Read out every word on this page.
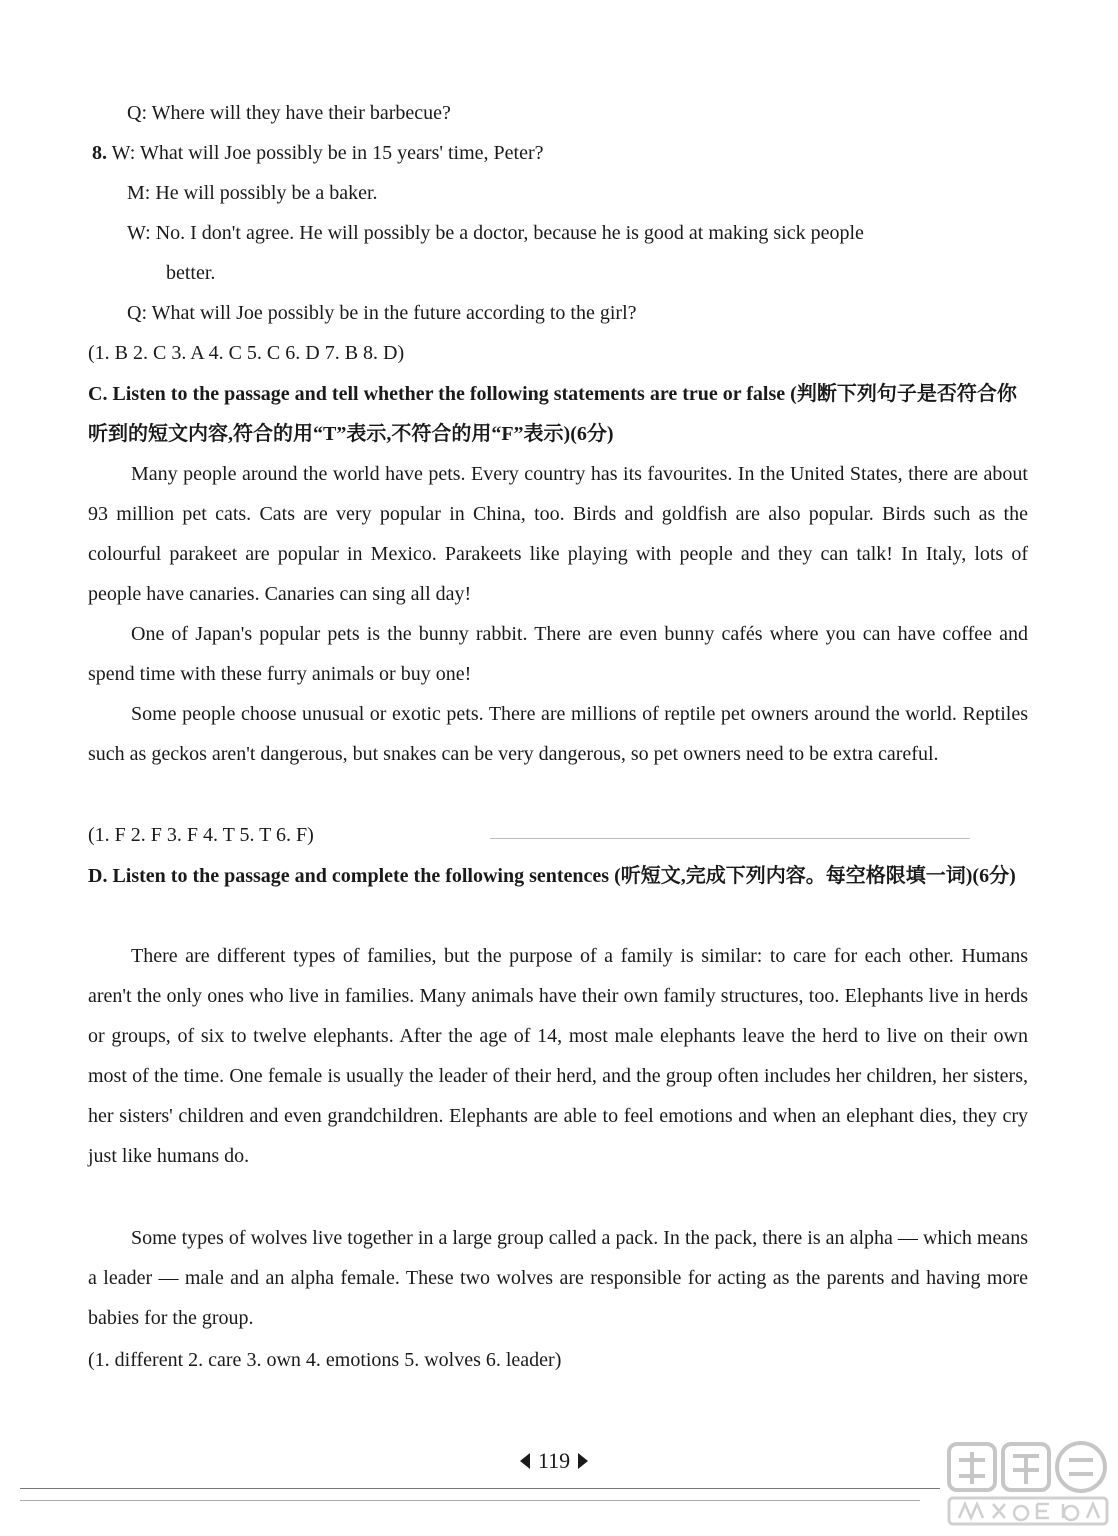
Q: Where will they have their barbecue?
8. W: What will Joe possibly be in 15 years' time, Peter?
M: He will possibly be a baker.
W: No. I don't agree. He will possibly be a doctor, because he is good at making sick people
better.
Q: What will Joe possibly be in the future according to the girl?
(1. B 2. C 3. A 4. C 5. C 6. D 7. B 8. D)
C. Listen to the passage and tell whether the following statements are true or false (判断下列句子是否符合你听到的短文内容,符合的用“T”表示,不符合的用“F”表示)(6分)
Many people around the world have pets. Every country has its favourites. In the United States, there are about 93 million pet cats. Cats are very popular in China, too. Birds and goldfish are also popular. Birds such as the colourful parakeet are popular in Mexico. Parakeets like playing with people and they can talk! In Italy, lots of people have canaries. Canaries can sing all day!
One of Japan's popular pets is the bunny rabbit. There are even bunny cafés where you can have coffee and spend time with these furry animals or buy one!
Some people choose unusual or exotic pets. There are millions of reptile pet owners around the world. Reptiles such as geckos aren't dangerous, but snakes can be very dangerous, so pet owners need to be extra careful.
(1. F 2. F 3. F 4. T 5. T 6. F)
D. Listen to the passage and complete the following sentences (听短文,完成下列内容。每空格限填一词)(6分)
There are different types of families, but the purpose of a family is similar: to care for each other. Humans aren't the only ones who live in families. Many animals have their own family structures, too. Elephants live in herds or groups, of six to twelve elephants. After the age of 14, most male elephants leave the herd to live on their own most of the time. One female is usually the leader of their herd, and the group often includes her children, her sisters, her sisters' children and even grandchildren. Elephants are able to feel emotions and when an elephant dies, they cry just like humans do.
Some types of wolves live together in a large group called a pack. In the pack, there is an alpha — which means a leader — male and an alpha female. These two wolves are responsible for acting as the parents and having more babies for the group.
(1. different 2. care 3. own 4. emotions 5. wolves 6. leader)
119
